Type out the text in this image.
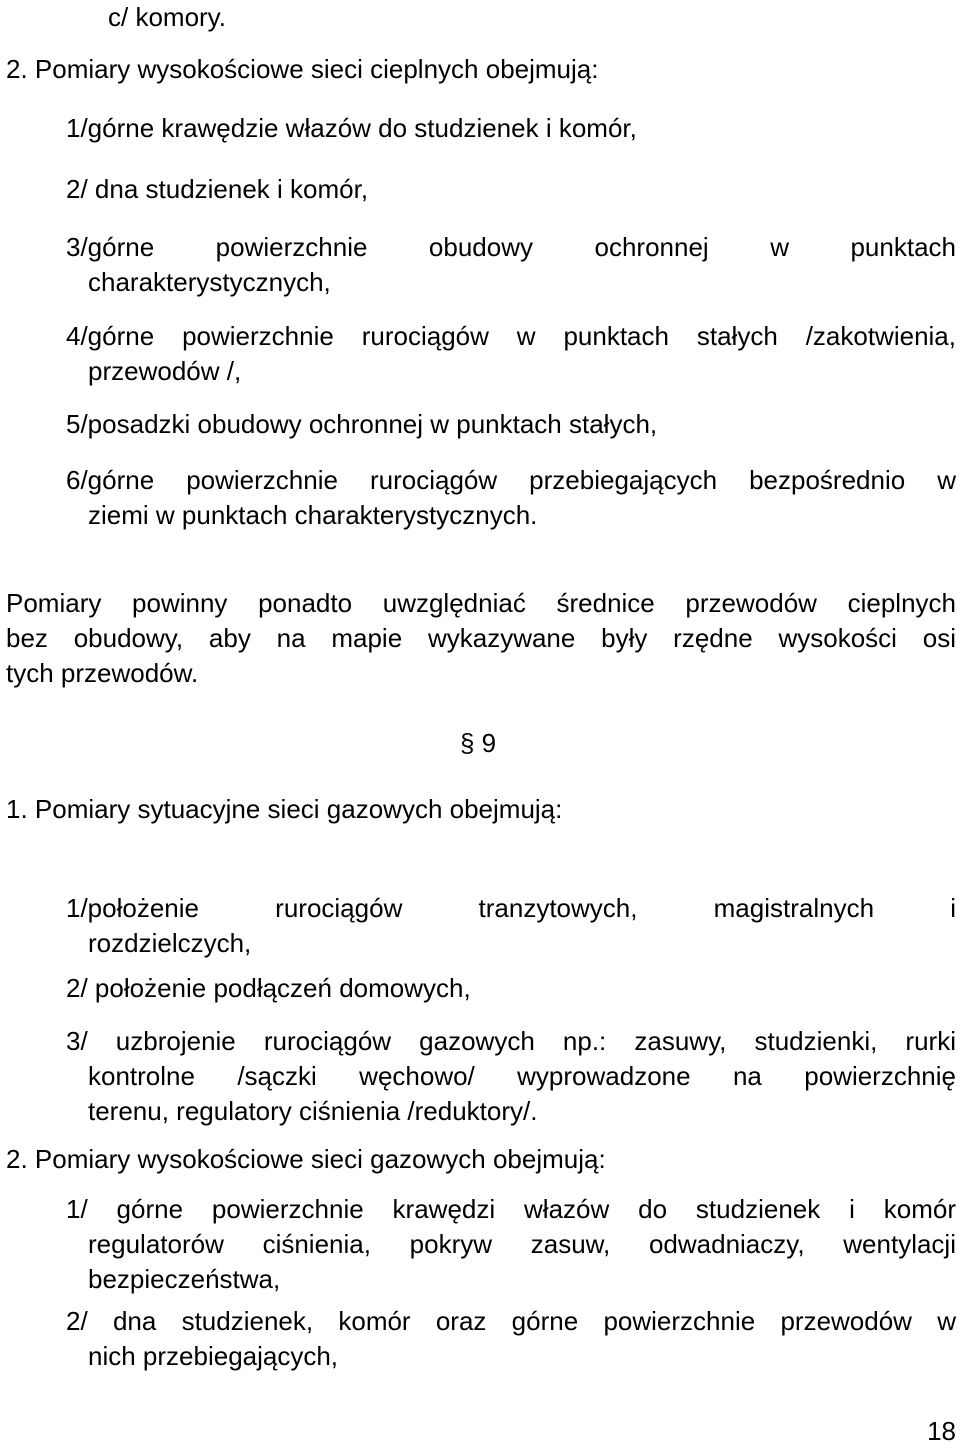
c/ komory.
2. Pomiary wysokościowe sieci cieplnych obejmują:
1/górne krawędzie włazów do studzienek i komór,
2/ dna studzienek i komór,
3/górne powierzchnie obudowy ochronnej w punktach
charakterystycznych,
4/górne powierzchnie rurociągów w punktach stałych /zakotwienia,
przewodów /,
5/posadzki obudowy ochronnej w punktach stałych,
6/górne powierzchnie rurociągów przebiegających bezpośrednio w
ziemi w punktach charakterystycznych.
Pomiary powinny ponadto uwzględniać średnice przewodów cieplnych
bez obudowy, aby na mapie wykazywane były rzędne wysokości osi
tych przewodów.
§ 9
1. Pomiary sytuacyjne sieci gazowych obejmują:
1/położenie rurociągów tranzytowych, magistralnych i
rozdzielczych,
2/ położenie podłączeń domowych,
3/ uzbrojenie rurociągów gazowych np.: zasuwy, studzienki, rurki
kontrolne /sączki węchowo/ wyprowadzone na powierzchnię
terenu, regulatory ciśnienia /reduktory/.
2. Pomiary wysokościowe sieci gazowych obejmują:
1/ górne powierzchnie krawędzi włazów do studzienek i komór
regulatorów ciśnienia, pokryw zasuw, odwadniaczy, wentylacji
bezpieczeństwa,
2/ dna studzienek, komór oraz górne powierzchnie przewodów w
nich przebiegających,
18
